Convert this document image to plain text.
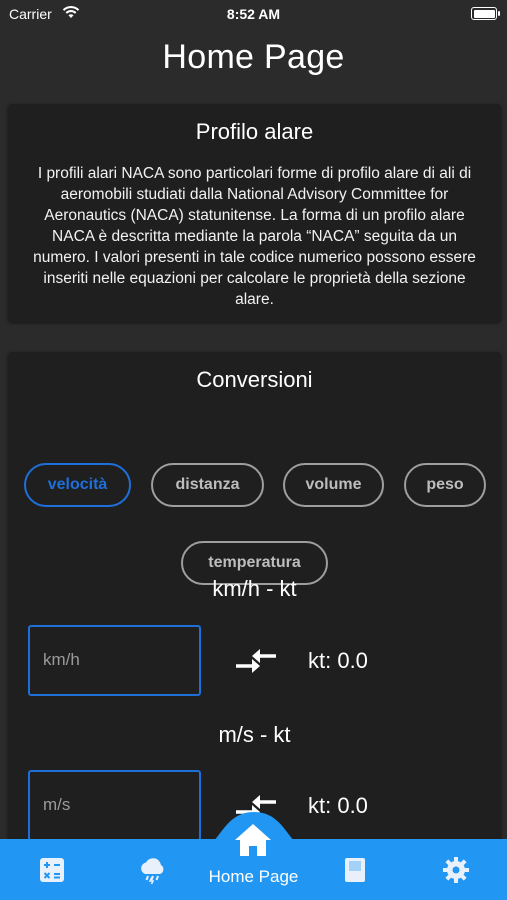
Carrier	8:52 AM
Home Page
Profilo alare
I profili alari NACA sono particolari forme di profilo alare di ali di aeromobili studiati dalla National Advisory Committee for Aeronautics (NACA) statunitense. La forma di un profilo alare NACA è descritta mediante la parola “NACA” seguita da un numero. I valori presenti in tale codice numerico possono essere inseriti nelle equazioni per calcolare le proprietà della sezione alare.
Conversioni
velocità	distanza	volume	peso
temperatura
km/h - kt
km/h	kt: 0.0
m/s - kt
m/s	kt: 0.0
Home Page
